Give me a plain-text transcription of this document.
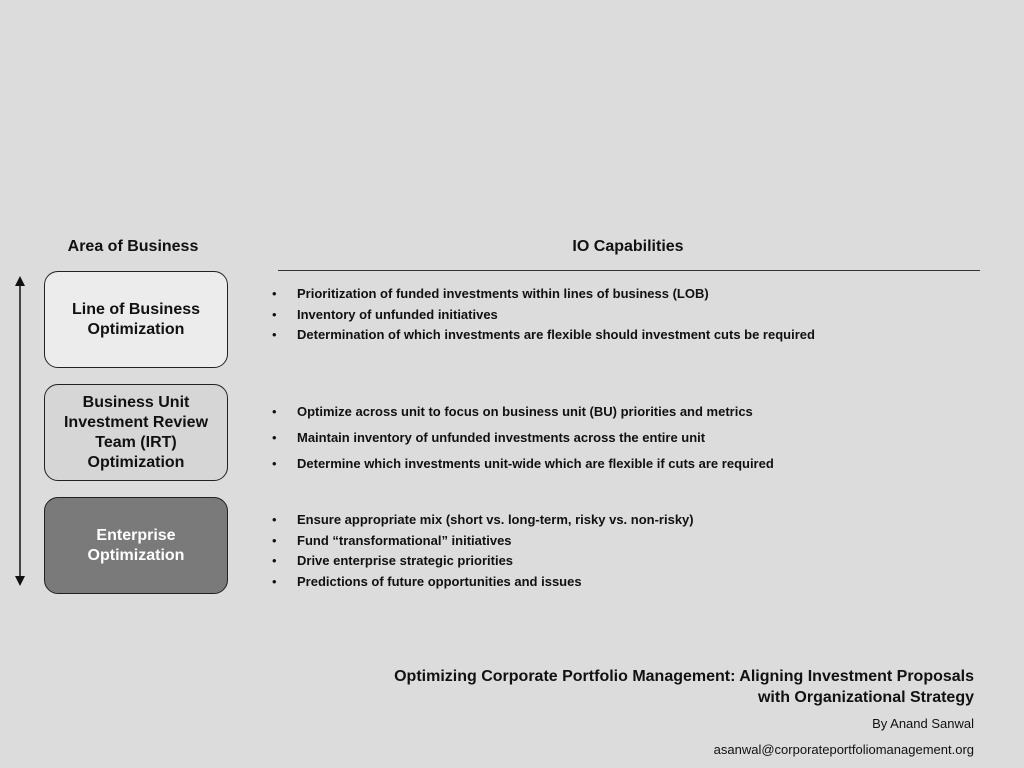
Area of Business	IO Capabilities
Line of Business Optimization
Business Unit Investment Review Team (IRT) Optimization
Enterprise Optimization
• Prioritization of funded investments within lines of business (LOB)
• Inventory of unfunded initiatives
• Determination of which investments are flexible should investment cuts be required
• Optimize across unit to focus on business unit (BU) priorities and metrics
• Maintain inventory of unfunded investments across the entire unit
• Determine which investments unit-wide which are flexible if cuts are required
• Ensure appropriate mix (short vs. long-term, risky vs. non-risky)
• Fund “transformational” initiatives
• Drive enterprise strategic priorities
• Predictions of future opportunities and issues
Optimizing Corporate Portfolio Management: Aligning Investment Proposals with Organizational Strategy
By Anand Sanwal
asanwal@corporateportfoliomanagement.org
